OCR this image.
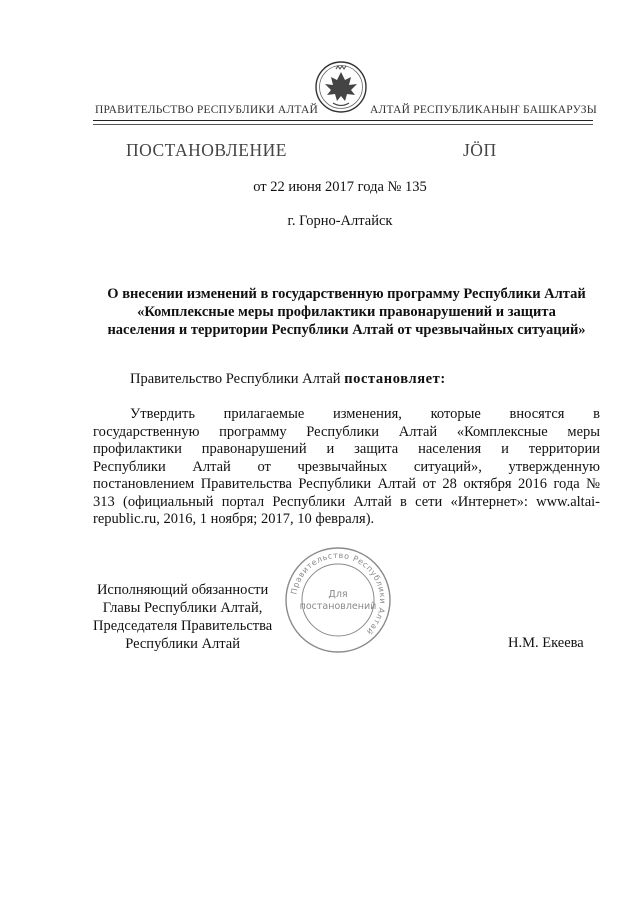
ПРАВИТЕЛЬСТВО РЕСПУБЛИКИ АЛТАЙ	АЛТАЙ РЕСПУБЛИКАНЫҤ БАШКАРУЗЫ
ПОСТАНОВЛЕНИЕ	JӦП
от 22 июня 2017 года № 135
г. Горно-Алтайск
О внесении изменений в государственную программу Республики Алтай
«Комплексные меры профилактики правонарушений и защита
населения и территории Республики Алтай от чрезвычайных ситуаций»
Правительство Республики Алтай постановляет:
Утвердить прилагаемые изменения, которые вносятся в
государственную программу Республики Алтай «Комплексные меры
профилактики правонарушений и защита населения и территории
Республики Алтай от чрезвычайных ситуаций», утвержденную
постановлением Правительства Республики Алтай от 28 октября 2016 года №
313 (официальный портал Республики Алтай в сети «Интернет»: www.altai-
republic.ru, 2016, 1 ноября; 2017, 10 февраля).
Исполняющий обязанности
Главы Республики Алтай,
Председателя Правительства
Республики Алтай	Н.М. Екеева
Правительство Республики Алтай
Для
постановлений
